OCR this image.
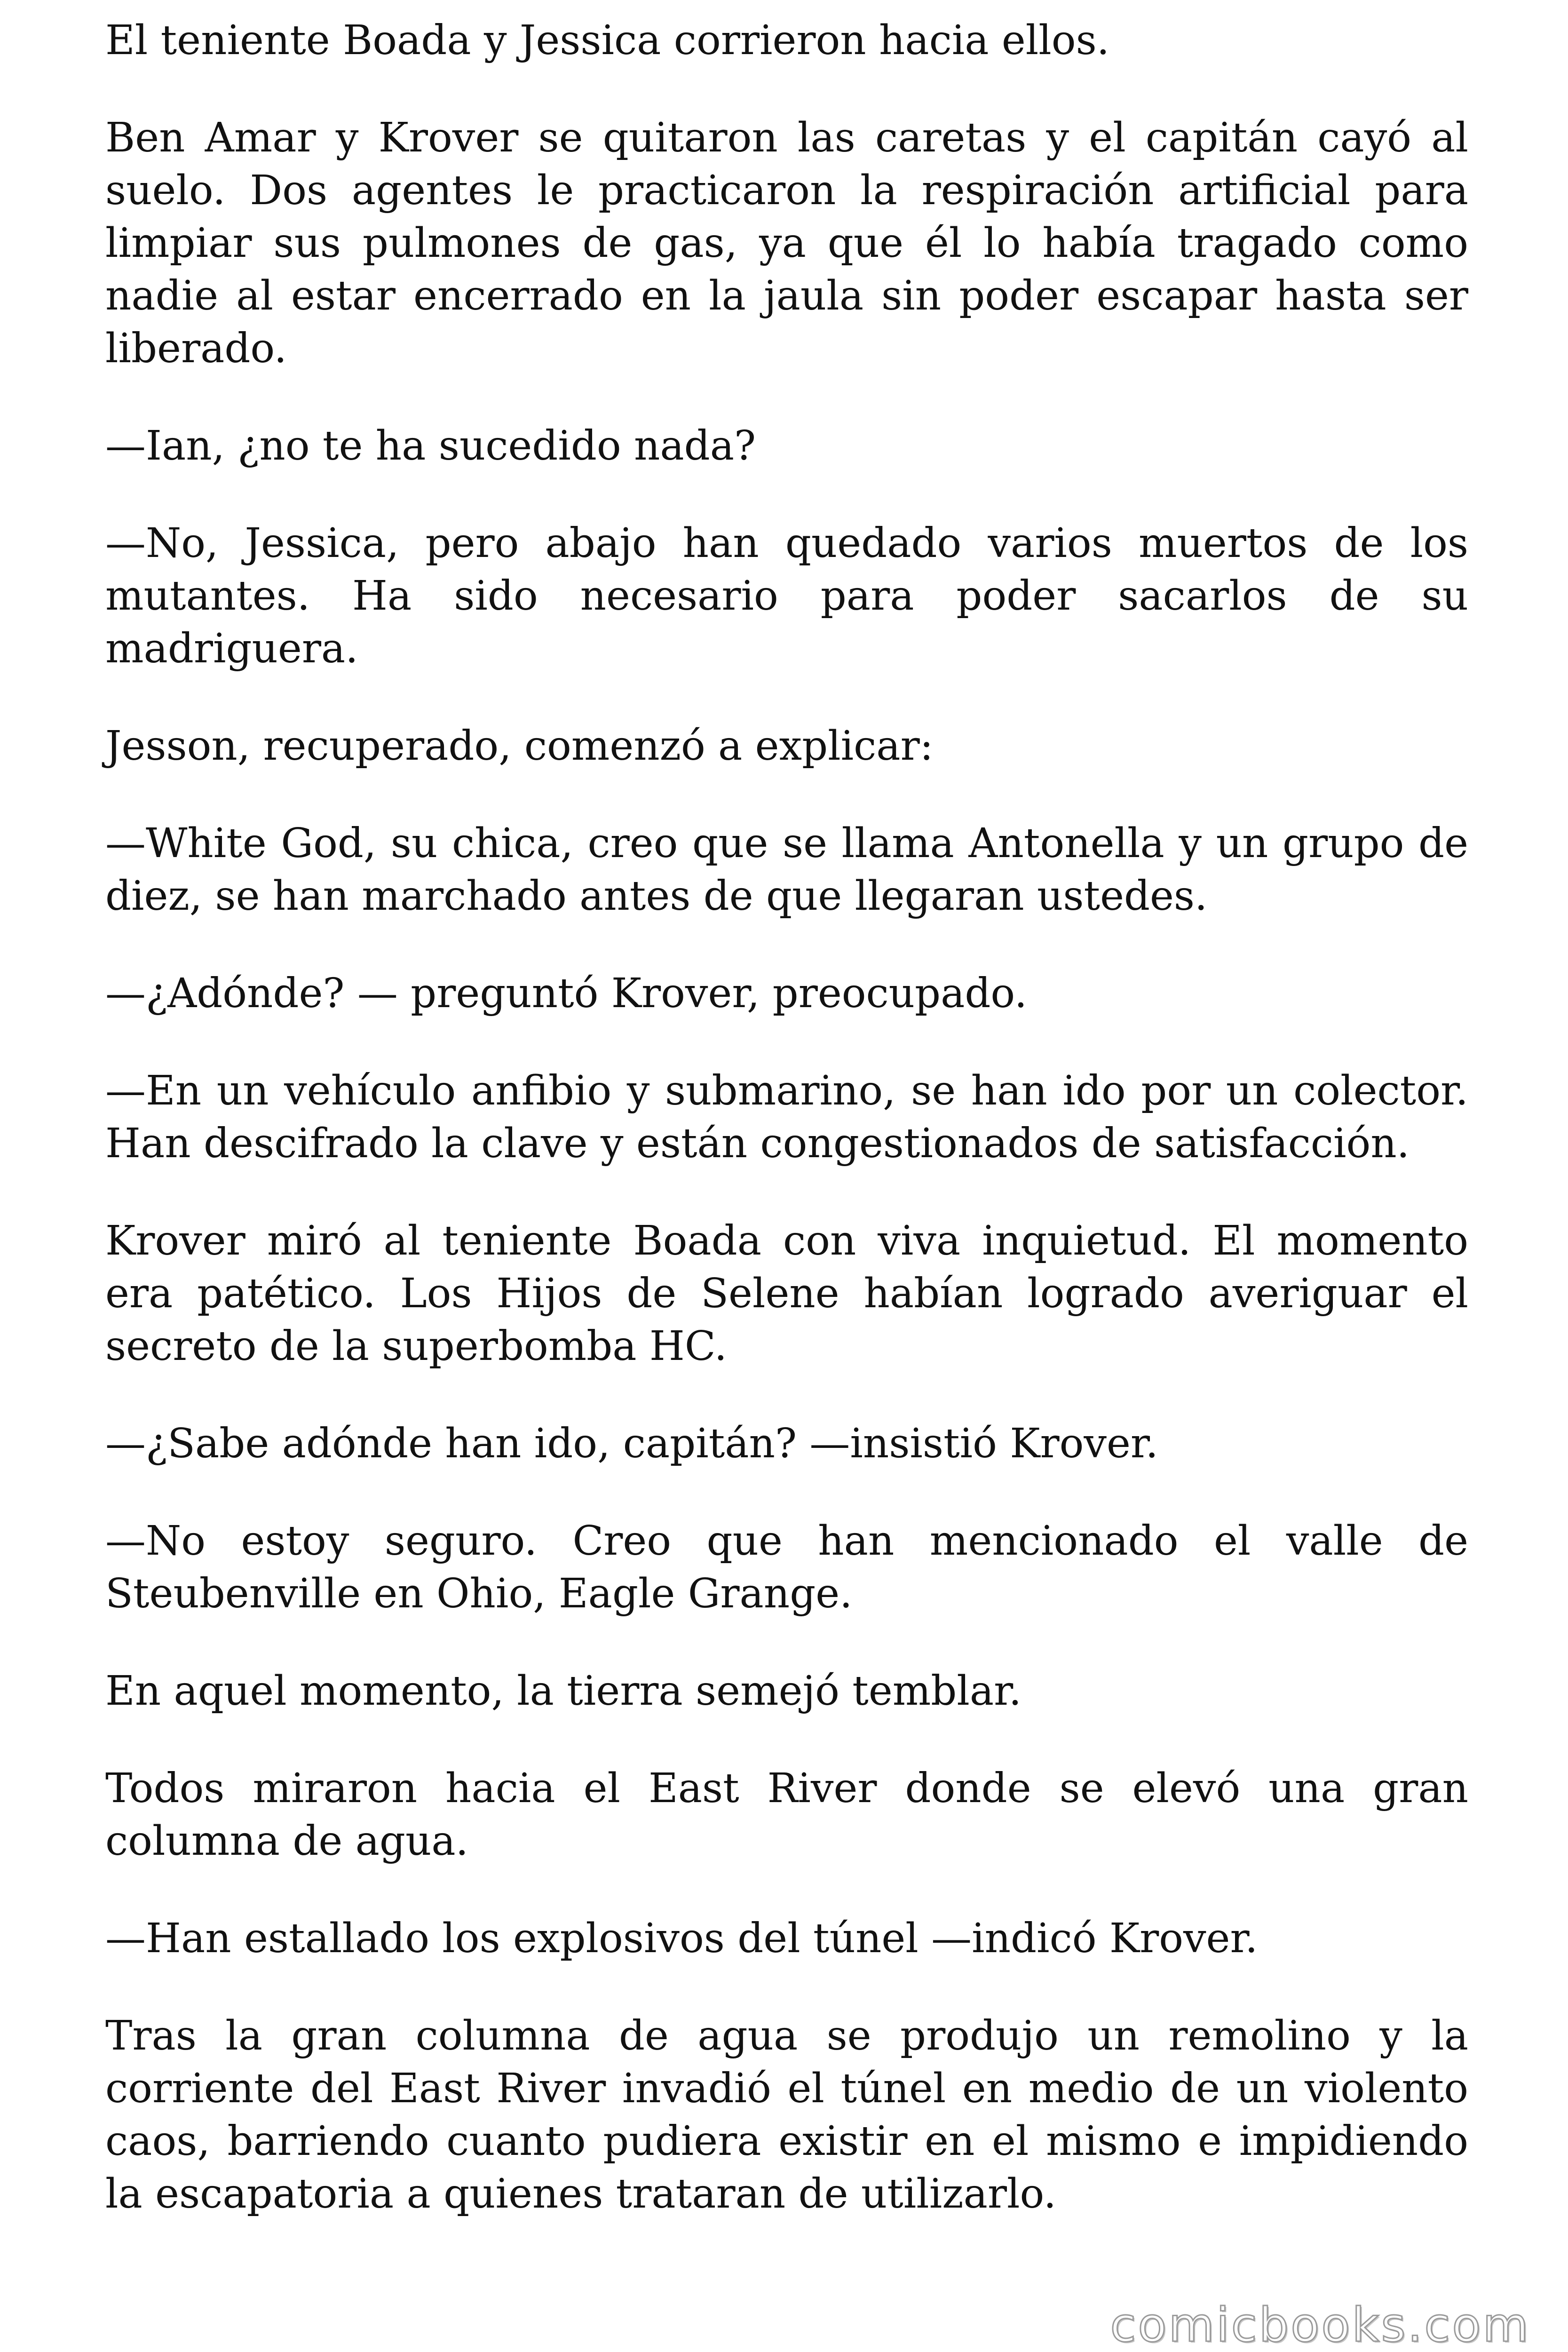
El teniente Boada y Jessica corrieron hacia ellos.

Ben Amar y Krover se quitaron las caretas y el capitán cayó al suelo. Dos agentes le practicaron la respiración artificial para limpiar sus pulmones de gas, ya que él lo había tragado como nadie al estar encerrado en la jaula sin poder escapar hasta ser liberado.

—Ian, ¿no te ha sucedido nada?

—No, Jessica, pero abajo han quedado varios muertos de los mutantes. Ha sido necesario para poder sacarlos de su madriguera.

Jesson, recuperado, comenzó a explicar:

—White God, su chica, creo que se llama Antonella y un grupo de diez, se han marchado antes de que llegaran ustedes.

—¿Adónde? — preguntó Krover, preocupado.

—En un vehículo anfibio y submarino, se han ido por un colector. Han descifrado la clave y están congestionados de satisfacción.

Krover miró al teniente Boada con viva inquietud. El momento era patético. Los Hijos de Selene habían logrado averiguar el secreto de la superbomba HC.

—¿Sabe adónde han ido, capitán? —insistió Krover.

—No estoy seguro. Creo que han mencionado el valle de Steubenville en Ohio, Eagle Grange.

En aquel momento, la tierra semejó temblar.

Todos miraron hacia el East River donde se elevó una gran columna de agua.

—Han estallado los explosivos del túnel —indicó Krover.

Tras la gran columna de agua se produjo un remolino y la corriente del East River invadió el túnel en medio de un violento caos, barriendo cuanto pudiera existir en el mismo e impidiendo la escapatoria a quienes trataran de utilizarlo.

comicbooks.com
